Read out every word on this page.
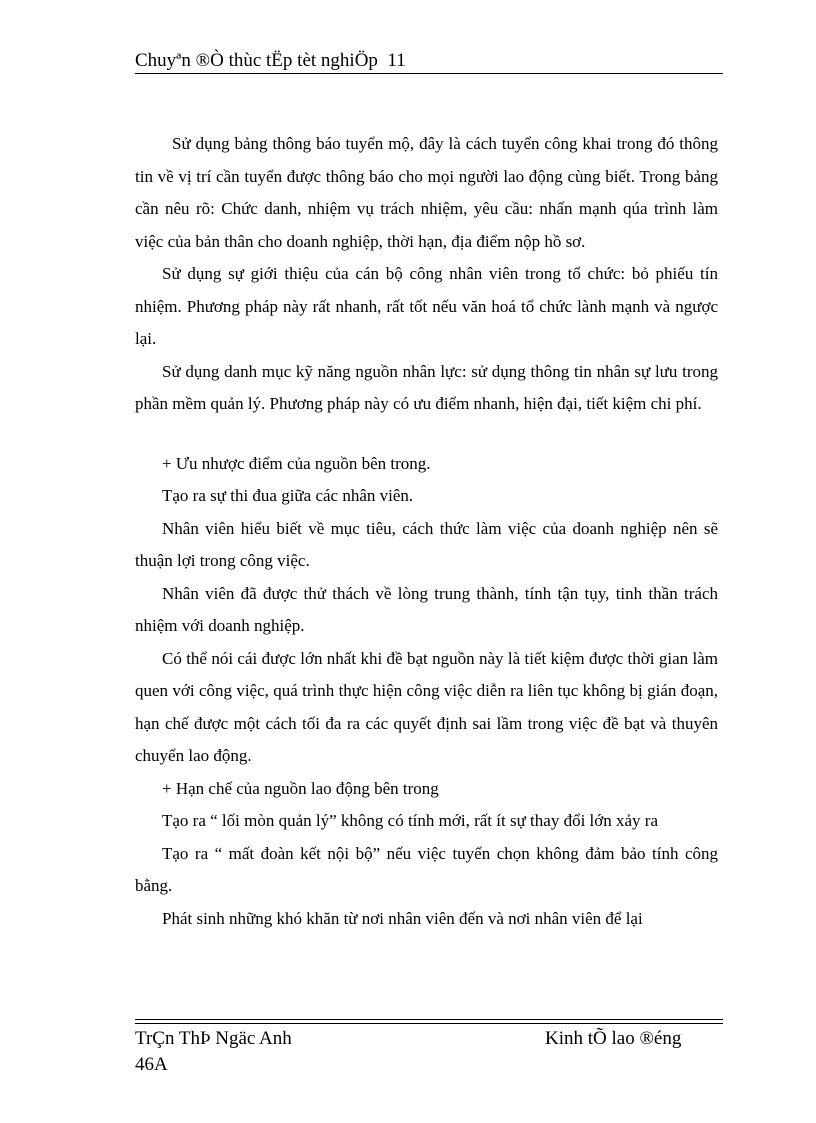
Chuyªn ®Ò thùc tËp tèt nghiÖp 11

Sử dụng bảng thông báo tuyển mộ, đây là cách tuyển công khai trong đó thông tin về vị trí cần tuyển được thông báo cho mọi người lao động cùng biết. Trong bảng cần nêu rõ: Chức danh, nhiệm vụ trách nhiệm, yêu cầu: nhấn mạnh qúa trình làm việc của bản thân cho doanh nghiệp, thời hạn, địa điểm nộp hồ sơ.

Sử dụng sự giới thiệu của cán bộ công nhân viên trong tổ chức: bỏ phiếu tín nhiệm. Phương pháp này rất nhanh, rất tốt nếu văn hoá tổ chức lành mạnh và ngược lại.

Sử dụng danh mục kỹ năng nguồn nhân lực: sử dụng thông tin nhân sự lưu trong phần mềm quản lý. Phương pháp này có ưu điểm nhanh, hiện đại, tiết kiệm chi phí.

+ Ưu nhược điểm của nguồn bên trong.

Tạo ra sự thi đua giữa các nhân viên.

Nhân viên hiểu biết về mục tiêu, cách thức làm việc của doanh nghiệp nên sẽ thuận lợi trong công việc.

Nhân viên đã được thử thách về lòng trung thành, tính tận tụy, tinh thần trách nhiệm với doanh nghiệp.

Có thể nói cái được lớn nhất khi đề bạt nguồn này là tiết kiệm được thời gian làm quen với công việc, quá trình thực hiện công việc diễn ra liên tục không bị gián đoạn, hạn chế được một cách tối đa ra các quyết định sai lầm trong việc đề bạt và thuyên chuyển lao động.

+ Hạn chế của nguồn lao động bên trong

Tạo ra “ lối mòn quản lý” không có tính mới, rất ít sự thay đổi lớn xảy ra

Tạo ra “ mất đoàn kết nội bộ” nếu việc tuyển chọn không đảm bảo tính công bằng.

Phát sinh những khó khăn từ nơi nhân viên đến và nơi nhân viên để lại

TrÇn ThÞ Ngäc Anh
46A
Kinh tÕ lao ®éng
